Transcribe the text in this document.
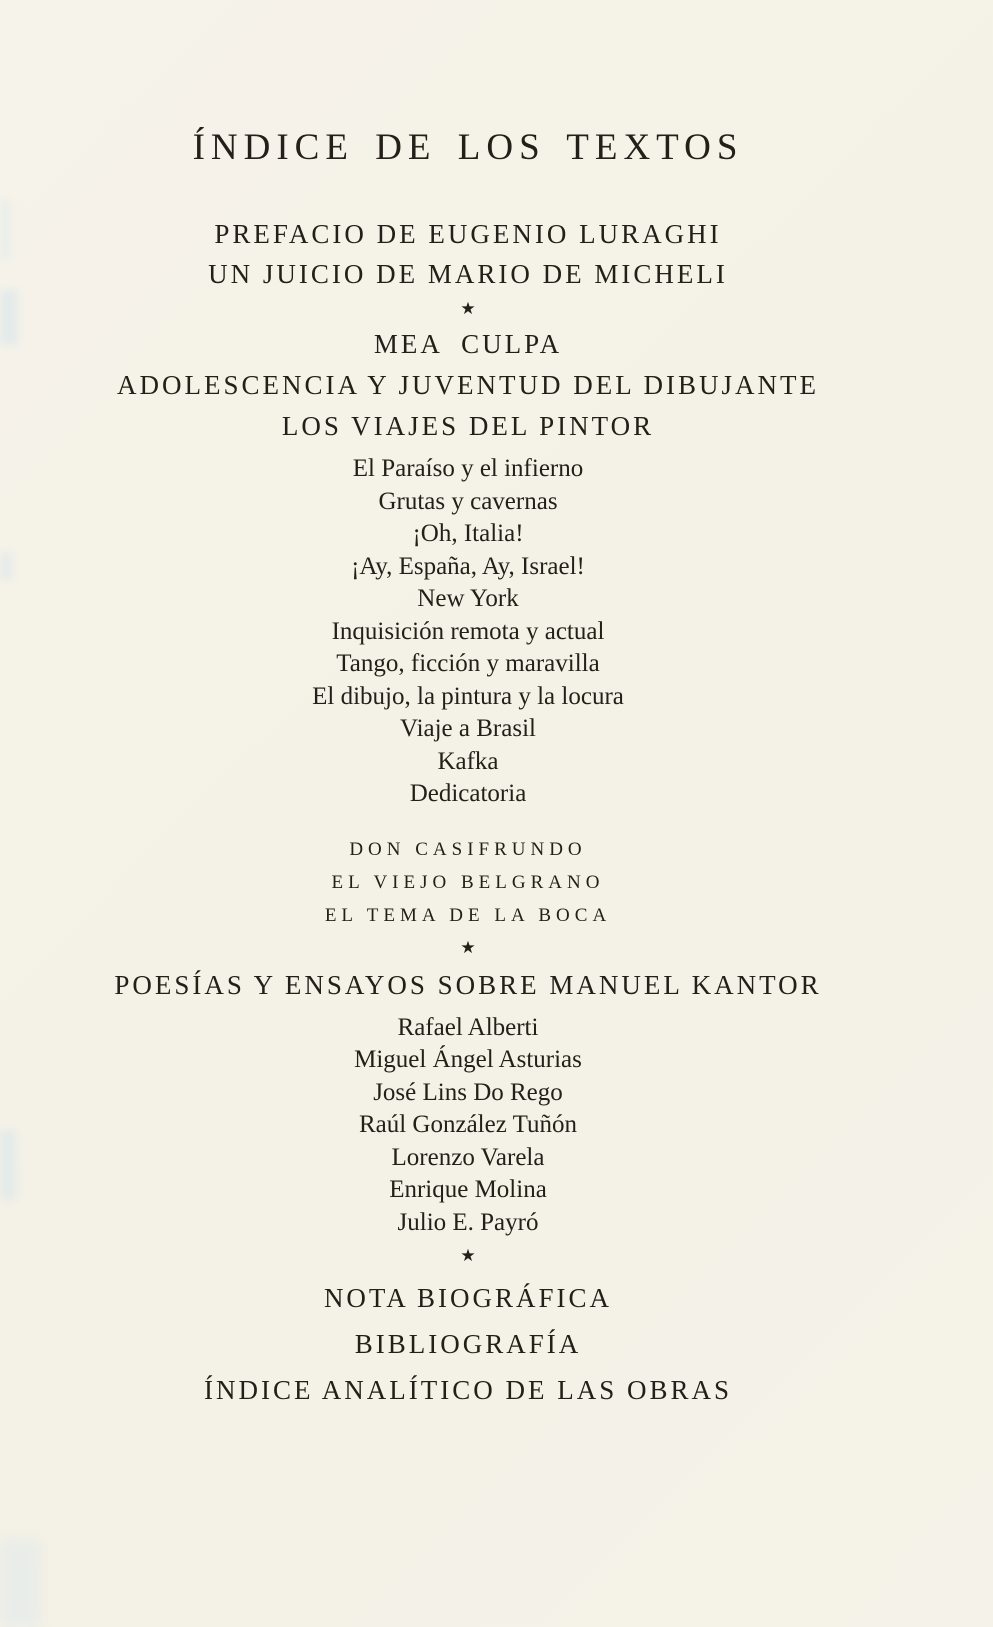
ÍNDICE DE LOS TEXTOS

PREFACIO DE EUGENIO LURAGHI

UN JUICIO DE MARIO DE MICHELI

★

MEA CULPA

ADOLESCENCIA Y JUVENTUD DEL DIBUJANTE

LOS VIAJES DEL PINTOR

El Paraíso y el infierno

Grutas y cavernas

¡Oh, Italia!

¡Ay, España, Ay, Israel!

New York

Inquisición remota y actual

Tango, ficción y maravilla

El dibujo, la pintura y la locura

Viaje a Brasil

Kafka

Dedicatoria

DON CASIFRUNDO

EL VIEJO BELGRANO

EL TEMA DE LA BOCA

★

POESÍAS Y ENSAYOS SOBRE MANUEL KANTOR

Rafael Alberti

Miguel Ángel Asturias

José Lins Do Rego

Raúl González Tuñón

Lorenzo Varela

Enrique Molina

Julio E. Payró

★

NOTA BIOGRÁFICA

BIBLIOGRAFÍA

ÍNDICE ANALÍTICO DE LAS OBRAS
